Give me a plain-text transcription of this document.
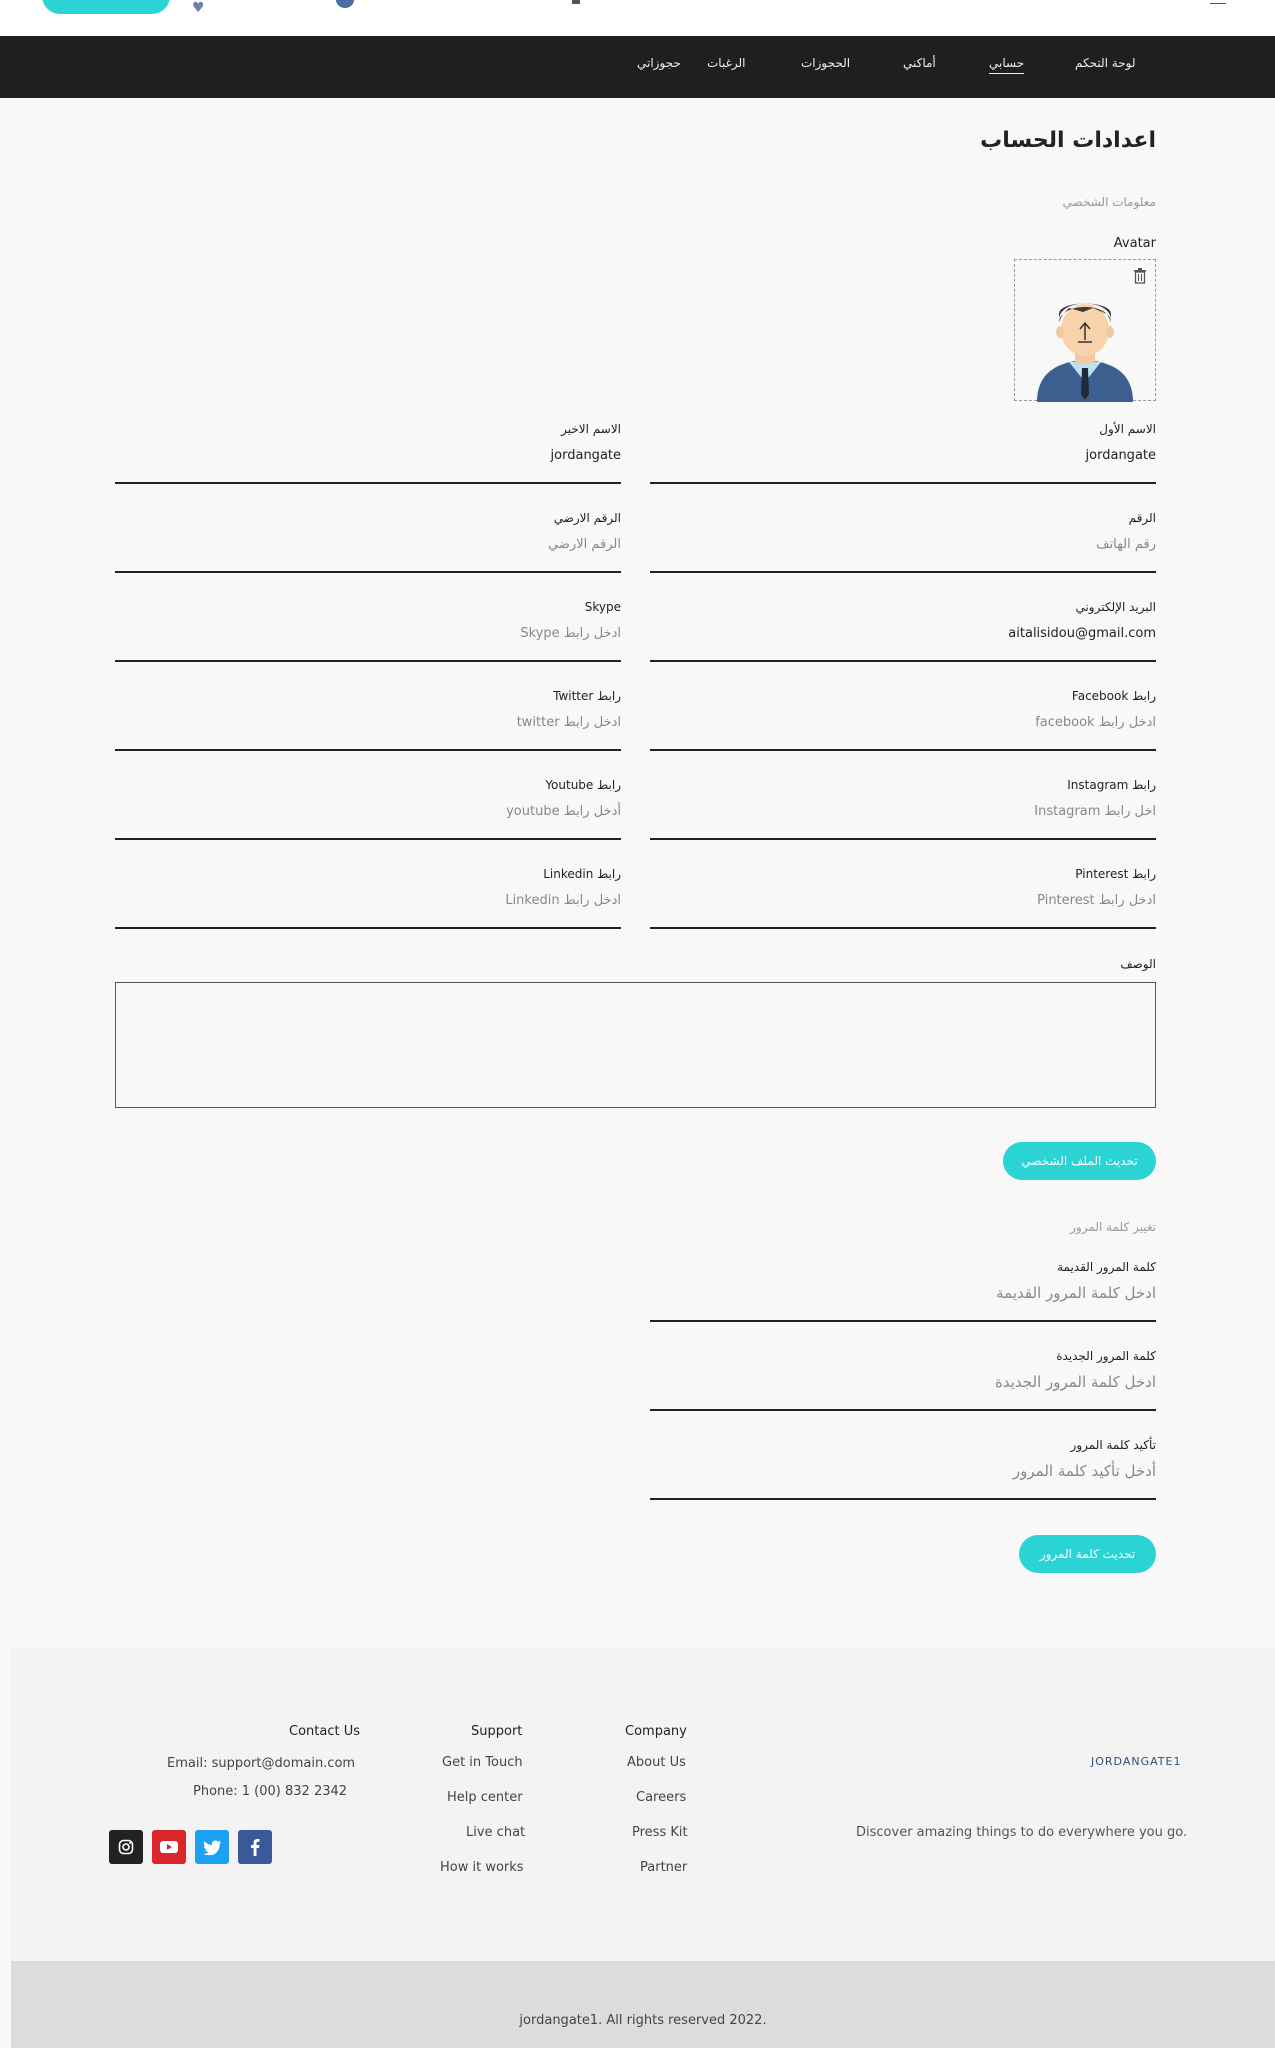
♥
لوحة التحكم
حسابي
أماكني
الحجوزات
الرغبات
حجوزاتي
اعدادات الحساب
معلومات الشخصي
Avatar
الاسم الأول
jordangate
الاسم الاخير
jordangate
الرقم
رقم الهاتف
الرقم الارضي
الرقم الارضي
البريد الإلكتروني
aitalisidou@gmail.com
Skype
ادخل رابط Skype
رابط Facebook
ادخل رابط facebook
رابط Twitter
ادخل رابط twitter
رابط Instagram
اخل رابط Instagram
رابط Youtube
أدخل رابط youtube
رابط Pinterest
ادخل رابط Pinterest
رابط Linkedin
ادخل رابط Linkedin
الوصف
تحديث الملف الشخصي
تغيير كلمة المرور
كلمة المرور القديمة
ادخل كلمة المرور القديمة
كلمة المرور الجديدة
ادخل كلمة المرور الجديدة
تأكيد كلمة المرور
أدخل تأكيد كلمة المرور
تحديث كلمة المرور
Contact Us
Email: support@domain.com
Phone: 1 (00) 832 2342
Support
Get in Touch
Help center
Live chat
How it works
Company
About Us
Careers
Press Kit
Partner
JORDANGATE1
Discover amazing things to do everywhere you go.
jordangate1. All rights reserved 2022.
